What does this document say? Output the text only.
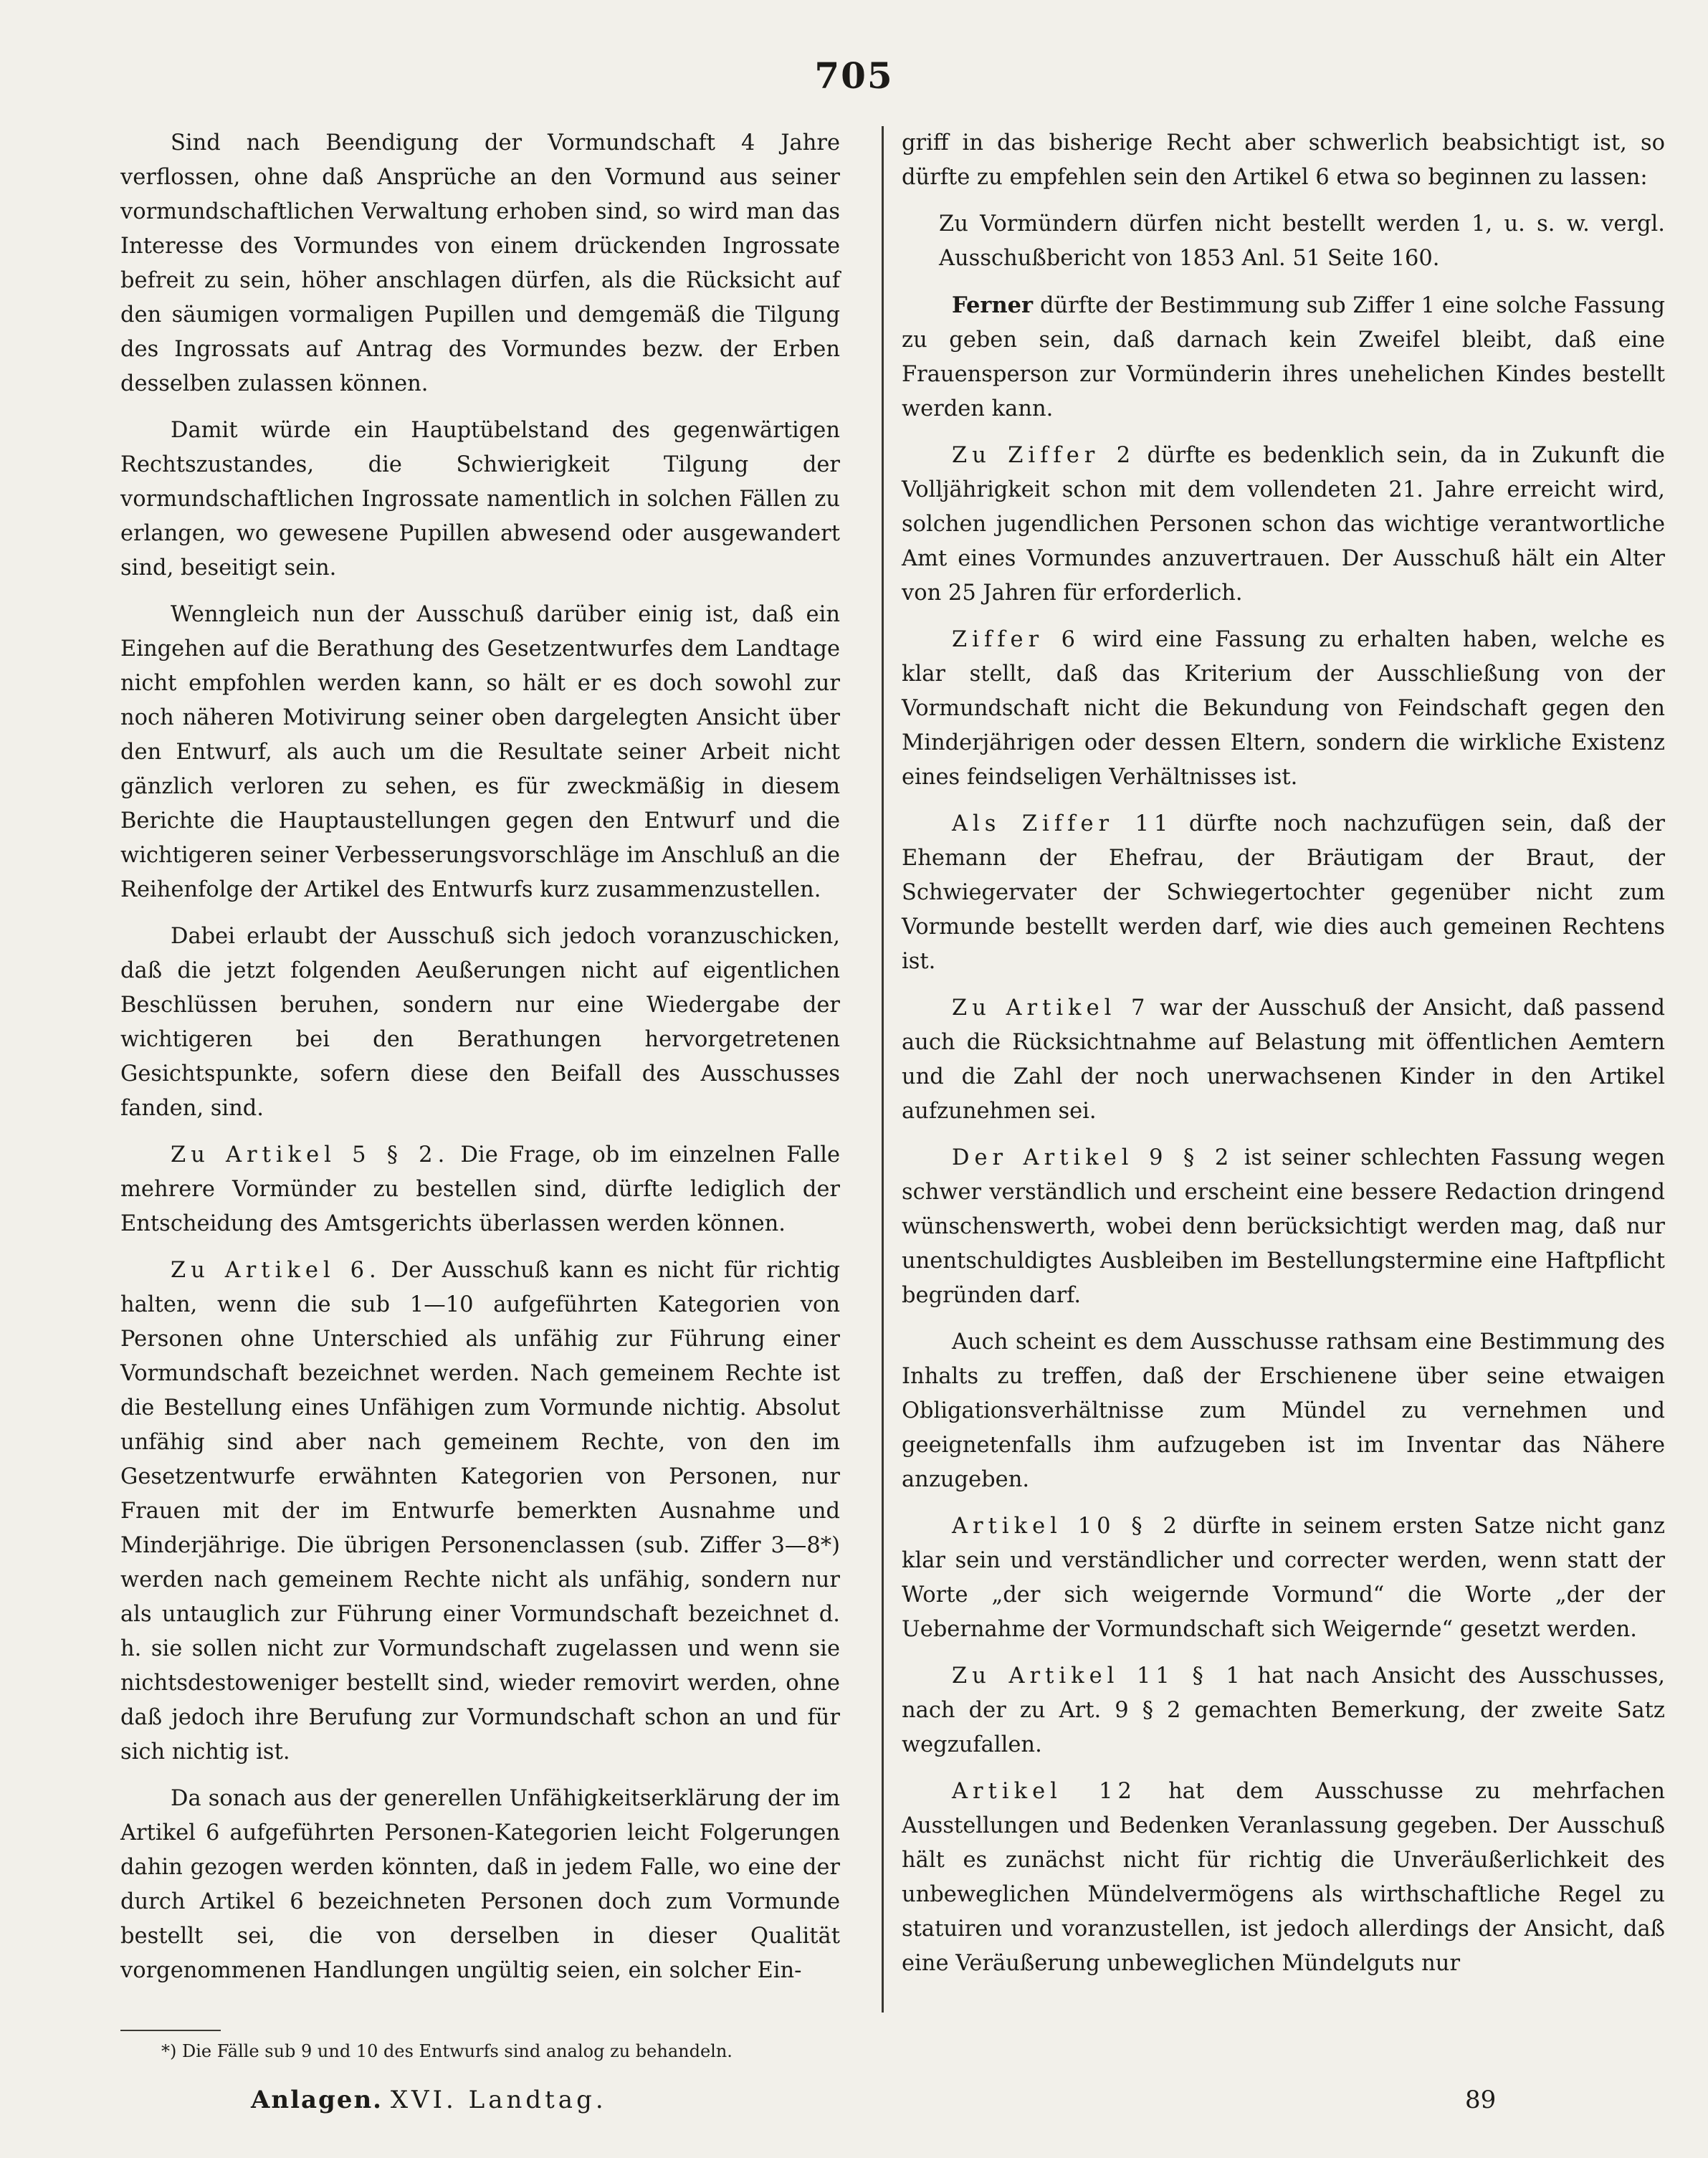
705

Sind nach Beendigung der Vormundschaft 4 Jahre verflossen, ohne daß Ansprüche an den Vormund aus seiner vormundschaftlichen Verwaltung erhoben sind, so wird man das Interesse des Vormundes von einem drückenden Ingrossate befreit zu sein, höher anschlagen dürfen, als die Rücksicht auf den säumigen vormaligen Pupillen und demgemäß die Tilgung des Ingrossats auf Antrag des Vormundes bezw. der Erben desselben zulassen können.

Damit würde ein Hauptübelstand des gegenwärtigen Rechtszustandes, die Schwierigkeit Tilgung der vormundschaftlichen Ingrossate namentlich in solchen Fällen zu erlangen, wo gewesene Pupillen abwesend oder ausgewandert sind, beseitigt sein.

Wenngleich nun der Ausschuß darüber einig ist, daß ein Eingehen auf die Berathung des Gesetzentwurfes dem Landtage nicht empfohlen werden kann, so hält er es doch sowohl zur noch näheren Motivirung seiner oben dargelegten Ansicht über den Entwurf, als auch um die Resultate seiner Arbeit nicht gänzlich verloren zu sehen, es für zweckmäßig in diesem Berichte die Hauptaustellungen gegen den Entwurf und die wichtigeren seiner Verbesserungsvorschläge im Anschluß an die Reihenfolge der Artikel des Entwurfs kurz zusammenzustellen.

Dabei erlaubt der Ausschuß sich jedoch voranzuschicken, daß die jetzt folgenden Aeußerungen nicht auf eigentlichen Beschlüssen beruhen, sondern nur eine Wiedergabe der wichtigeren bei den Berathungen hervorgetretenen Gesichtspunkte, sofern diese den Beifall des Ausschusses fanden, sind.

Zu Artikel 5 § 2. Die Frage, ob im einzelnen Falle mehrere Vormünder zu bestellen sind, dürfte lediglich der Entscheidung des Amtsgerichts überlassen werden können.

Zu Artikel 6. Der Ausschuß kann es nicht für richtig halten, wenn die sub 1—10 aufgeführten Kategorien von Personen ohne Unterschied als unfähig zur Führung einer Vormundschaft bezeichnet werden. Nach gemeinem Rechte ist die Bestellung eines Unfähigen zum Vormunde nichtig. Absolut unfähig sind aber nach gemeinem Rechte, von den im Gesetzentwurfe erwähnten Kategorien von Personen, nur Frauen mit der im Entwurfe bemerkten Ausnahme und Minderjährige. Die übrigen Personenclassen (sub. Ziffer 3—8*) werden nach gemeinem Rechte nicht als unfähig, sondern nur als untauglich zur Führung einer Vormundschaft bezeichnet d. h. sie sollen nicht zur Vormundschaft zugelassen und wenn sie nichtsdestoweniger bestellt sind, wieder removirt werden, ohne daß jedoch ihre Berufung zur Vormundschaft schon an und für sich nichtig ist.

Da sonach aus der generellen Unfähigkeitserklärung der im Artikel 6 aufgeführten Personen-Kategorien leicht Folgerungen dahin gezogen werden könnten, daß in jedem Falle, wo eine der durch Artikel 6 bezeichneten Personen doch zum Vormunde bestellt sei, die von derselben in dieser Qualität vorgenommenen Handlungen ungültig seien, ein solcher Ein-

griff in das bisherige Recht aber schwerlich beabsichtigt ist, so dürfte zu empfehlen sein den Artikel 6 etwa so beginnen zu lassen:

Zu Vormündern dürfen nicht bestellt werden 1, u. s. w. vergl. Ausschußbericht von 1853 Anl. 51 Seite 160.

Ferner dürfte der Bestimmung sub Ziffer 1 eine solche Fassung zu geben sein, daß darnach kein Zweifel bleibt, daß eine Frauensperson zur Vormünderin ihres unehelichen Kindes bestellt werden kann.

Zu Ziffer 2 dürfte es bedenklich sein, da in Zukunft die Volljährigkeit schon mit dem vollendeten 21. Jahre erreicht wird, solchen jugendlichen Personen schon das wichtige verantwortliche Amt eines Vormundes anzuvertrauen. Der Ausschuß hält ein Alter von 25 Jahren für erforderlich.

Ziffer 6 wird eine Fassung zu erhalten haben, welche es klar stellt, daß das Kriterium der Ausschließung von der Vormundschaft nicht die Bekundung von Feindschaft gegen den Minderjährigen oder dessen Eltern, sondern die wirkliche Existenz eines feindseligen Verhältnisses ist.

Als Ziffer 11 dürfte noch nachzufügen sein, daß der Ehemann der Ehefrau, der Bräutigam der Braut, der Schwiegervater der Schwiegertochter gegenüber nicht zum Vormunde bestellt werden darf, wie dies auch gemeinen Rechtens ist.

Zu Artikel 7 war der Ausschuß der Ansicht, daß passend auch die Rücksichtnahme auf Belastung mit öffentlichen Aemtern und die Zahl der noch unerwachsenen Kinder in den Artikel aufzunehmen sei.

Der Artikel 9 § 2 ist seiner schlechten Fassung wegen schwer verständlich und erscheint eine bessere Redaction dringend wünschenswerth, wobei denn berücksichtigt werden mag, daß nur unentschuldigtes Ausbleiben im Bestellungstermine eine Haftpflicht begründen darf.

Auch scheint es dem Ausschusse rathsam eine Bestimmung des Inhalts zu treffen, daß der Erschienene über seine etwaigen Obligationsverhältnisse zum Mündel zu vernehmen und geeignetenfalls ihm aufzugeben ist im Inventar das Nähere anzugeben.

Artikel 10 § 2 dürfte in seinem ersten Satze nicht ganz klar sein und verständlicher und correcter werden, wenn statt der Worte „der sich weigernde Vormund“ die Worte „der der Uebernahme der Vormundschaft sich Weigernde“ gesetzt werden.

Zu Artikel 11 § 1 hat nach Ansicht des Ausschusses, nach der zu Art. 9 § 2 gemachten Bemerkung, der zweite Satz wegzufallen.

Artikel 12 hat dem Ausschusse zu mehrfachen Ausstellungen und Bedenken Veranlassung gegeben. Der Ausschuß hält es zunächst nicht für richtig die Unveräußerlichkeit des unbeweglichen Mündelvermögens als wirthschaftliche Regel zu statuiren und voranzustellen, ist jedoch allerdings der Ansicht, daß eine Veräußerung unbeweglichen Mündelguts nur

*) Die Fälle sub 9 und 10 des Entwurfs sind analog zu behandeln.
Anlagen. XVI. Landtag.	89
